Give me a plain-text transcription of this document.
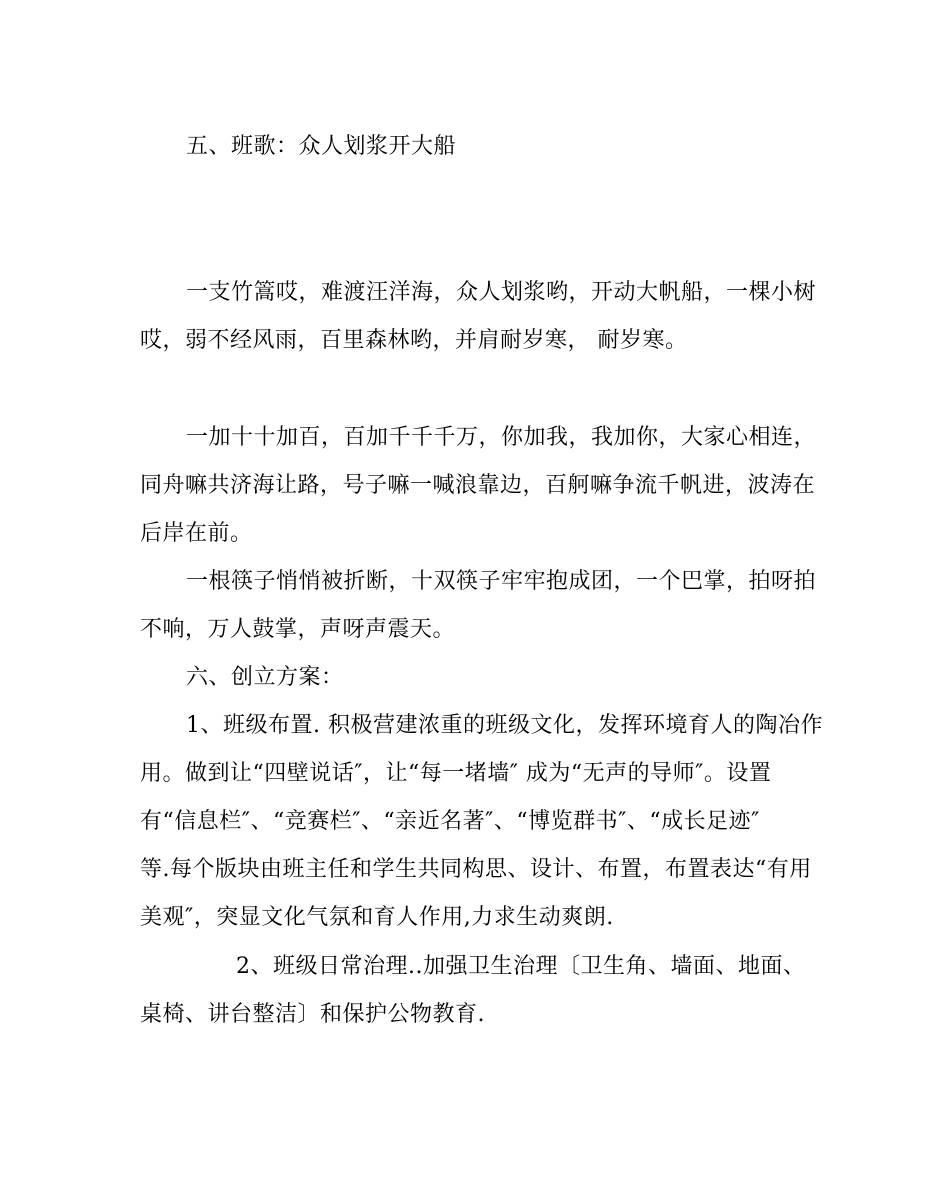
五、班歌：众人划浆开大船
一支竹篙哎，难渡汪洋海，众人划浆哟，开动大帆船，一棵小树
哎，弱不经风雨，百里森林哟，并肩耐岁寒， 耐岁寒。
一加十十加百，百加千千千万，你加我，我加你，大家心相连，
同舟嘛共济海让路，号子嘛一喊浪靠边，百舸嘛争流千帆进，波涛在
后岸在前。
一根筷子悄悄被折断，十双筷子牢牢抱成团，一个巴掌，拍呀拍
不响，万人鼓掌，声呀声震天。
六、创立方案：
1、班级布置. 积极营建浓重的班级文化，发挥环境育人的陶冶作
用。做到让“四壁说话″，让“每一堵墙″ 成为“无声的导师″。设置
有“信息栏″、“竞赛栏″、“亲近名著″、“博览群书″、“成长足迹″
等.每个版块由班主任和学生共同构思、设计、布置，布置表达“有用
美观″，突显文化气氛和育人作用,力求生动爽朗.
2、班级日常治理..加强卫生治理〔卫生角、墙面、地面、
桌椅、讲台整洁〕和保护公物教育.
